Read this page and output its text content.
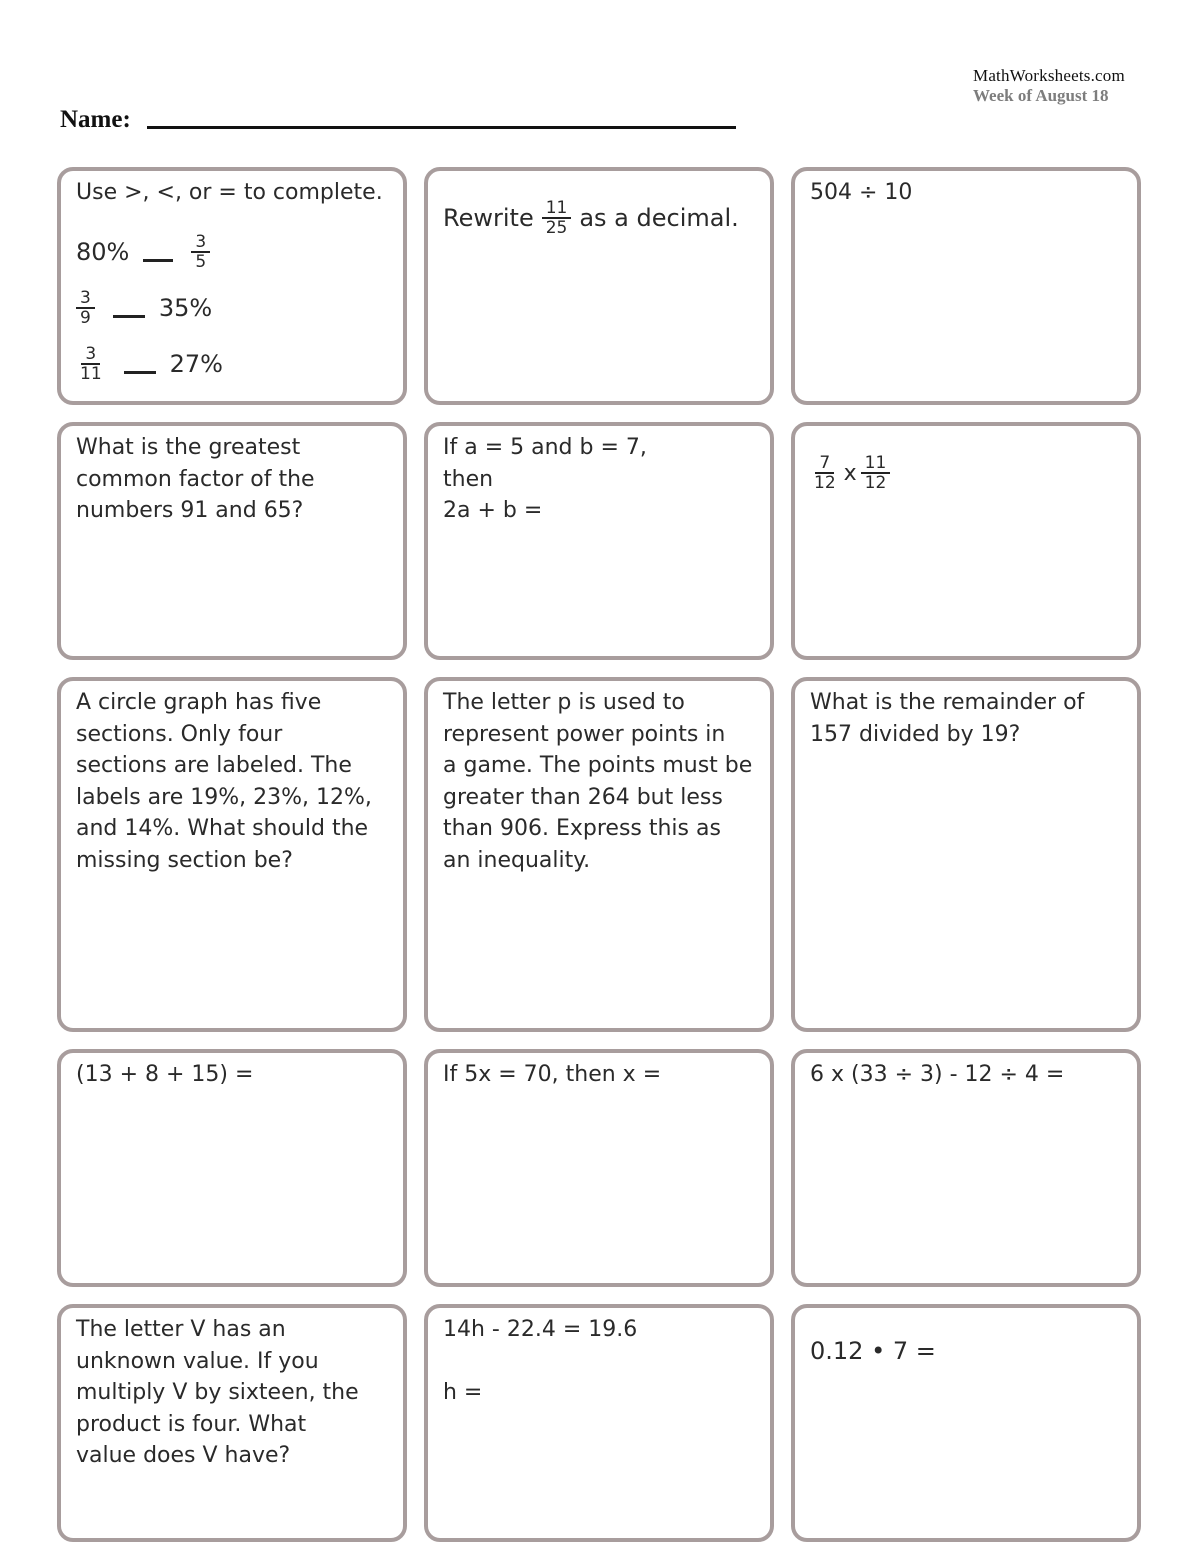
MathWorksheets.com
Week of August 18
Name:

Use >, <, or = to complete.

80%	$\frac{3}{5}$
$\frac{3}{9}$	35%
$\frac{3}{11}$	27%
Rewrite $\frac{11}{25}$ as a decimal.

504 ÷ 10

What is the greatest
common factor of the
numbers 91 and 65?

If a = 5 and b = 7,
then
2a + b =

$\frac{7}{12}$ x $\frac{11}{12}$

A circle graph has five
sections. Only four
sections are labeled. The
labels are 19%, 23%, 12%,
and 14%. What should the
missing section be?

The letter p is used to
represent power points in
a game. The points must be
greater than 264 but less
than 906. Express this as
an inequality.

What is the remainder of
157 divided by 19?

(13 + 8 + 15) =	If 5x = 70, then x =	6 x (33 ÷ 3) - 12 ÷ 4 =

The letter V has an
unknown value. If you
multiply V by sixteen, the
product is four. What
value does V have?

14h - 22.4 = 19.6

h =

0.12 • 7 =
